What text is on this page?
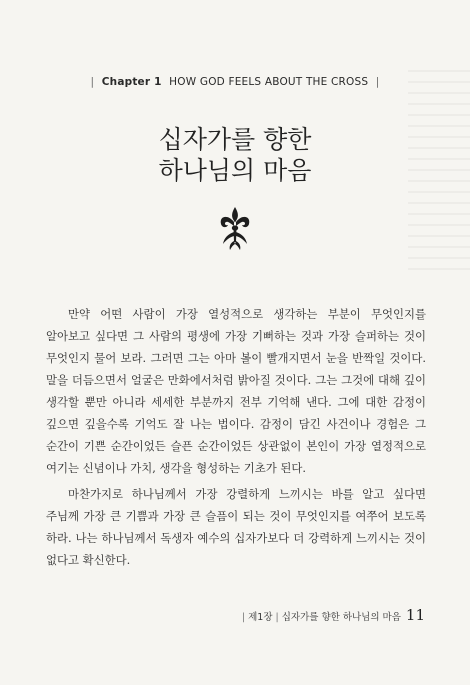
| Chapter 1 HOW GOD FEELS ABOUT THE CROSS |
십자가를 향한
하나님의 마음

만약 어떤 사람이 가장 열성적으로 생각하는 부분이 무엇인지를 알아보고 싶다면 그 사람의 평생에 가장 기뻐하는 것과 가장 슬퍼하는 것이 무엇인지 물어 보라. 그러면 그는 아마 볼이 빨개지면서 눈을 반짝일 것이다. 말을 더듬으면서 얼굴은 만화에서처럼 밝아질 것이다. 그는 그것에 대해 깊이 생각할 뿐만 아니라 세세한 부분까지 전부 기억해 낸다. 그에 대한 감정이 깊으면 깊을수록 기억도 잘 나는 법이다. 감정이 담긴 사건이나 경험은 그 순간이 기쁜 순간이었든 슬픈 순간이었든 상관없이 본인이 가장 열정적으로 여기는 신념이나 가치, 생각을 형성하는 기초가 된다.

마찬가지로 하나님께서 가장 강렬하게 느끼시는 바를 알고 싶다면 주님께 가장 큰 기쁨과 가장 큰 슬픔이 되는 것이 무엇인지를 여쭈어 보도록 하라. 나는 하나님께서 독생자 예수의 십자가보다 더 강력하게 느끼시는 것이 없다고 확신한다.

| 제1장 | 십자가를 향한 하나님의 마음 11
